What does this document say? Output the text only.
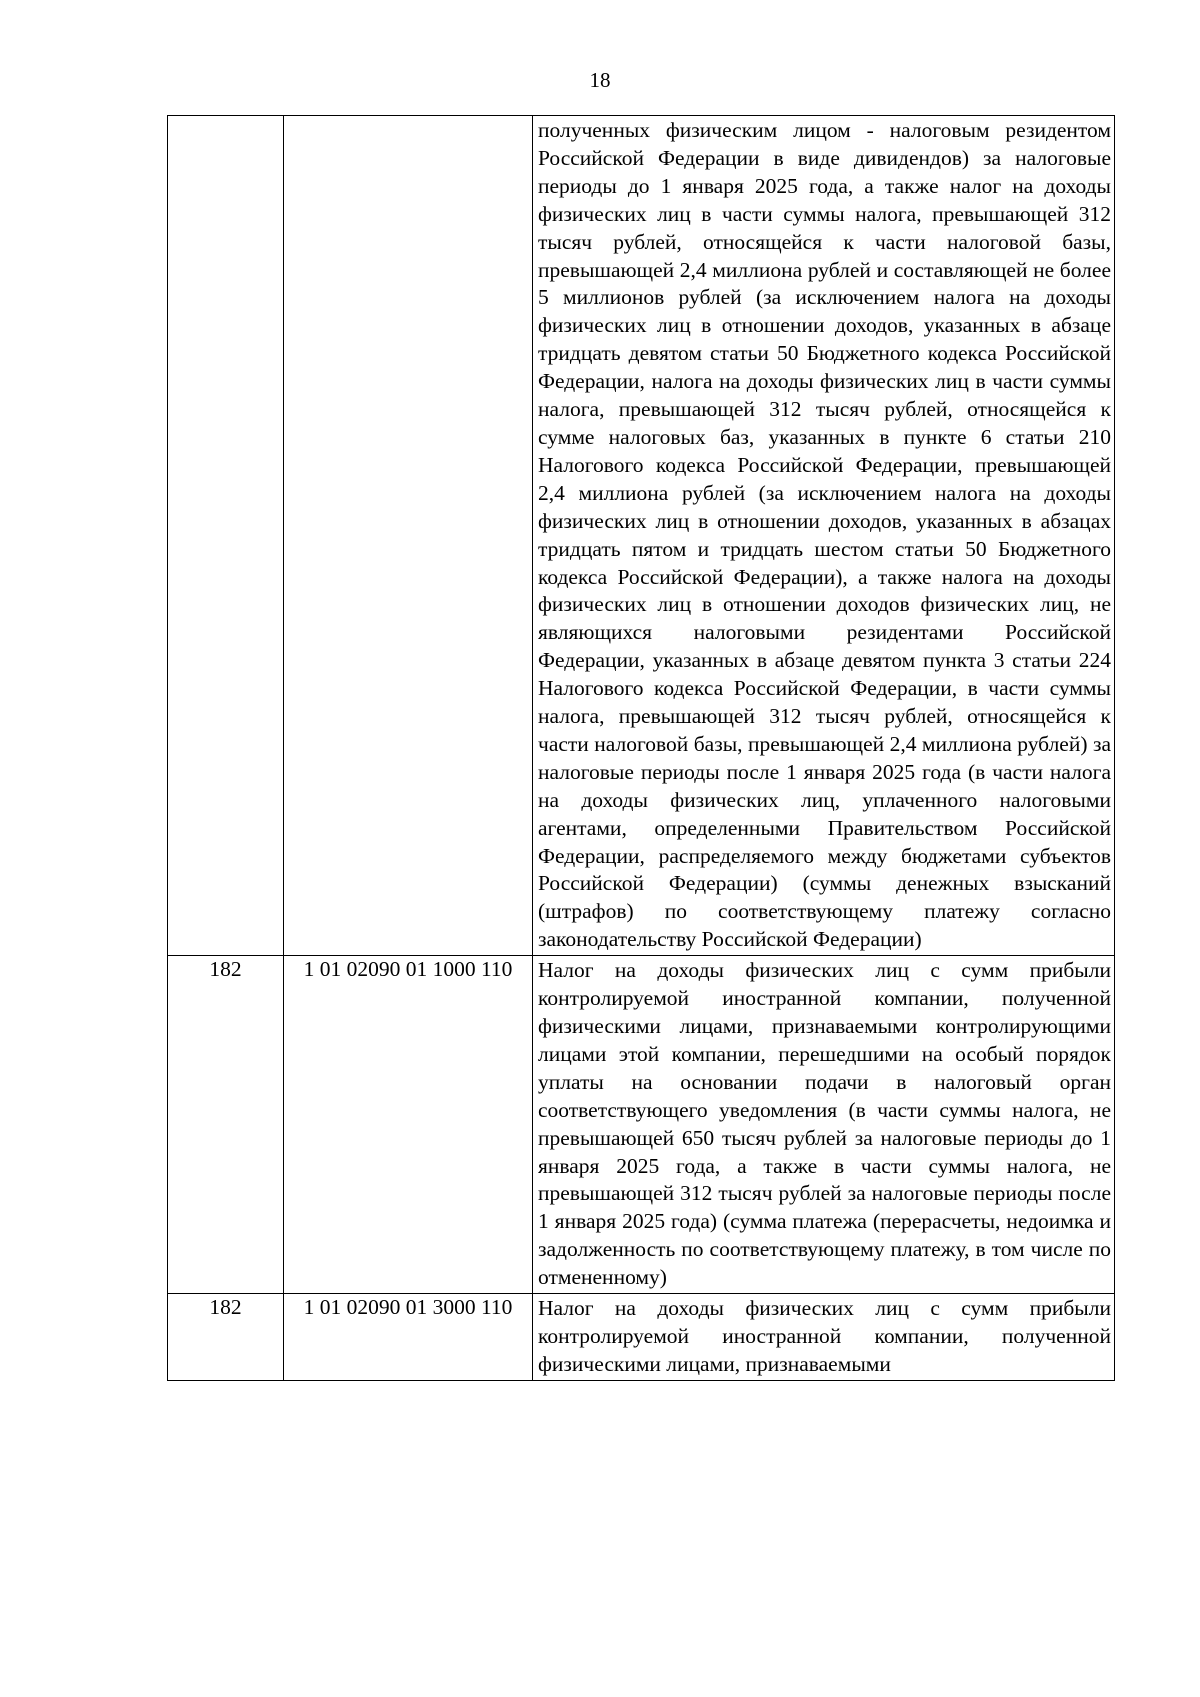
18

		полученных физическим лицом - налоговым резидентом Российской Федерации в виде дивидендов) за налоговые периоды до 1 января 2025 года, а также налог на доходы физических лиц в части суммы налога, превышающей 312 тысяч рублей, относящейся к части налоговой базы, превышающей 2,4 миллиона рублей и составляющей не более 5 миллионов рублей (за исключением налога на доходы физических лиц в отношении доходов, указанных в абзаце тридцать девятом статьи 50 Бюджетного кодекса Российской Федерации, налога на доходы физических лиц в части суммы налога, превышающей 312 тысяч рублей, относящейся к сумме налоговых баз, указанных в пункте 6 статьи 210 Налогового кодекса Российской Федерации, превышающей 2,4 миллиона рублей (за исключением налога на доходы физических лиц в отношении доходов, указанных в абзацах тридцать пятом и тридцать шестом статьи 50 Бюджетного кодекса Российской Федерации), а также налога на доходы физических лиц в отношении доходов физических лиц, не являющихся налоговыми резидентами Российской Федерации, указанных в абзаце девятом пункта 3 статьи 224 Налогового кодекса Российской Федерации, в части суммы налога, превышающей 312 тысяч рублей, относящейся к части налоговой базы, превышающей 2,4 миллиона рублей) за налоговые периоды после 1 января 2025 года (в части налога на доходы физических лиц, уплаченного налоговыми агентами, определенными Правительством Российской Федерации, распределяемого между бюджетами субъектов Российской Федерации) (суммы денежных взысканий (штрафов) по соответствующему платежу согласно законодательству Российской Федерации)

182	1 01 02090 01 1000 110	Налог на доходы физических лиц с сумм прибыли контролируемой иностранной компании, полученной физическими лицами, признаваемыми контролирующими лицами этой компании, перешедшими на особый порядок уплаты на основании подачи в налоговый орган соответствующего уведомления (в части суммы налога, не превышающей 650 тысяч рублей за налоговые периоды до 1 января 2025 года, а также в части суммы налога, не превышающей 312 тысяч рублей за налоговые периоды после 1 января 2025 года) (сумма платежа (перерасчеты, недоимка и задолженность по соответствующему платежу, в том числе по отмененному)

182	1 01 02090 01 3000 110	Налог на доходы физических лиц с сумм прибыли контролируемой иностранной компании, полученной физическими лицами, признаваемыми
